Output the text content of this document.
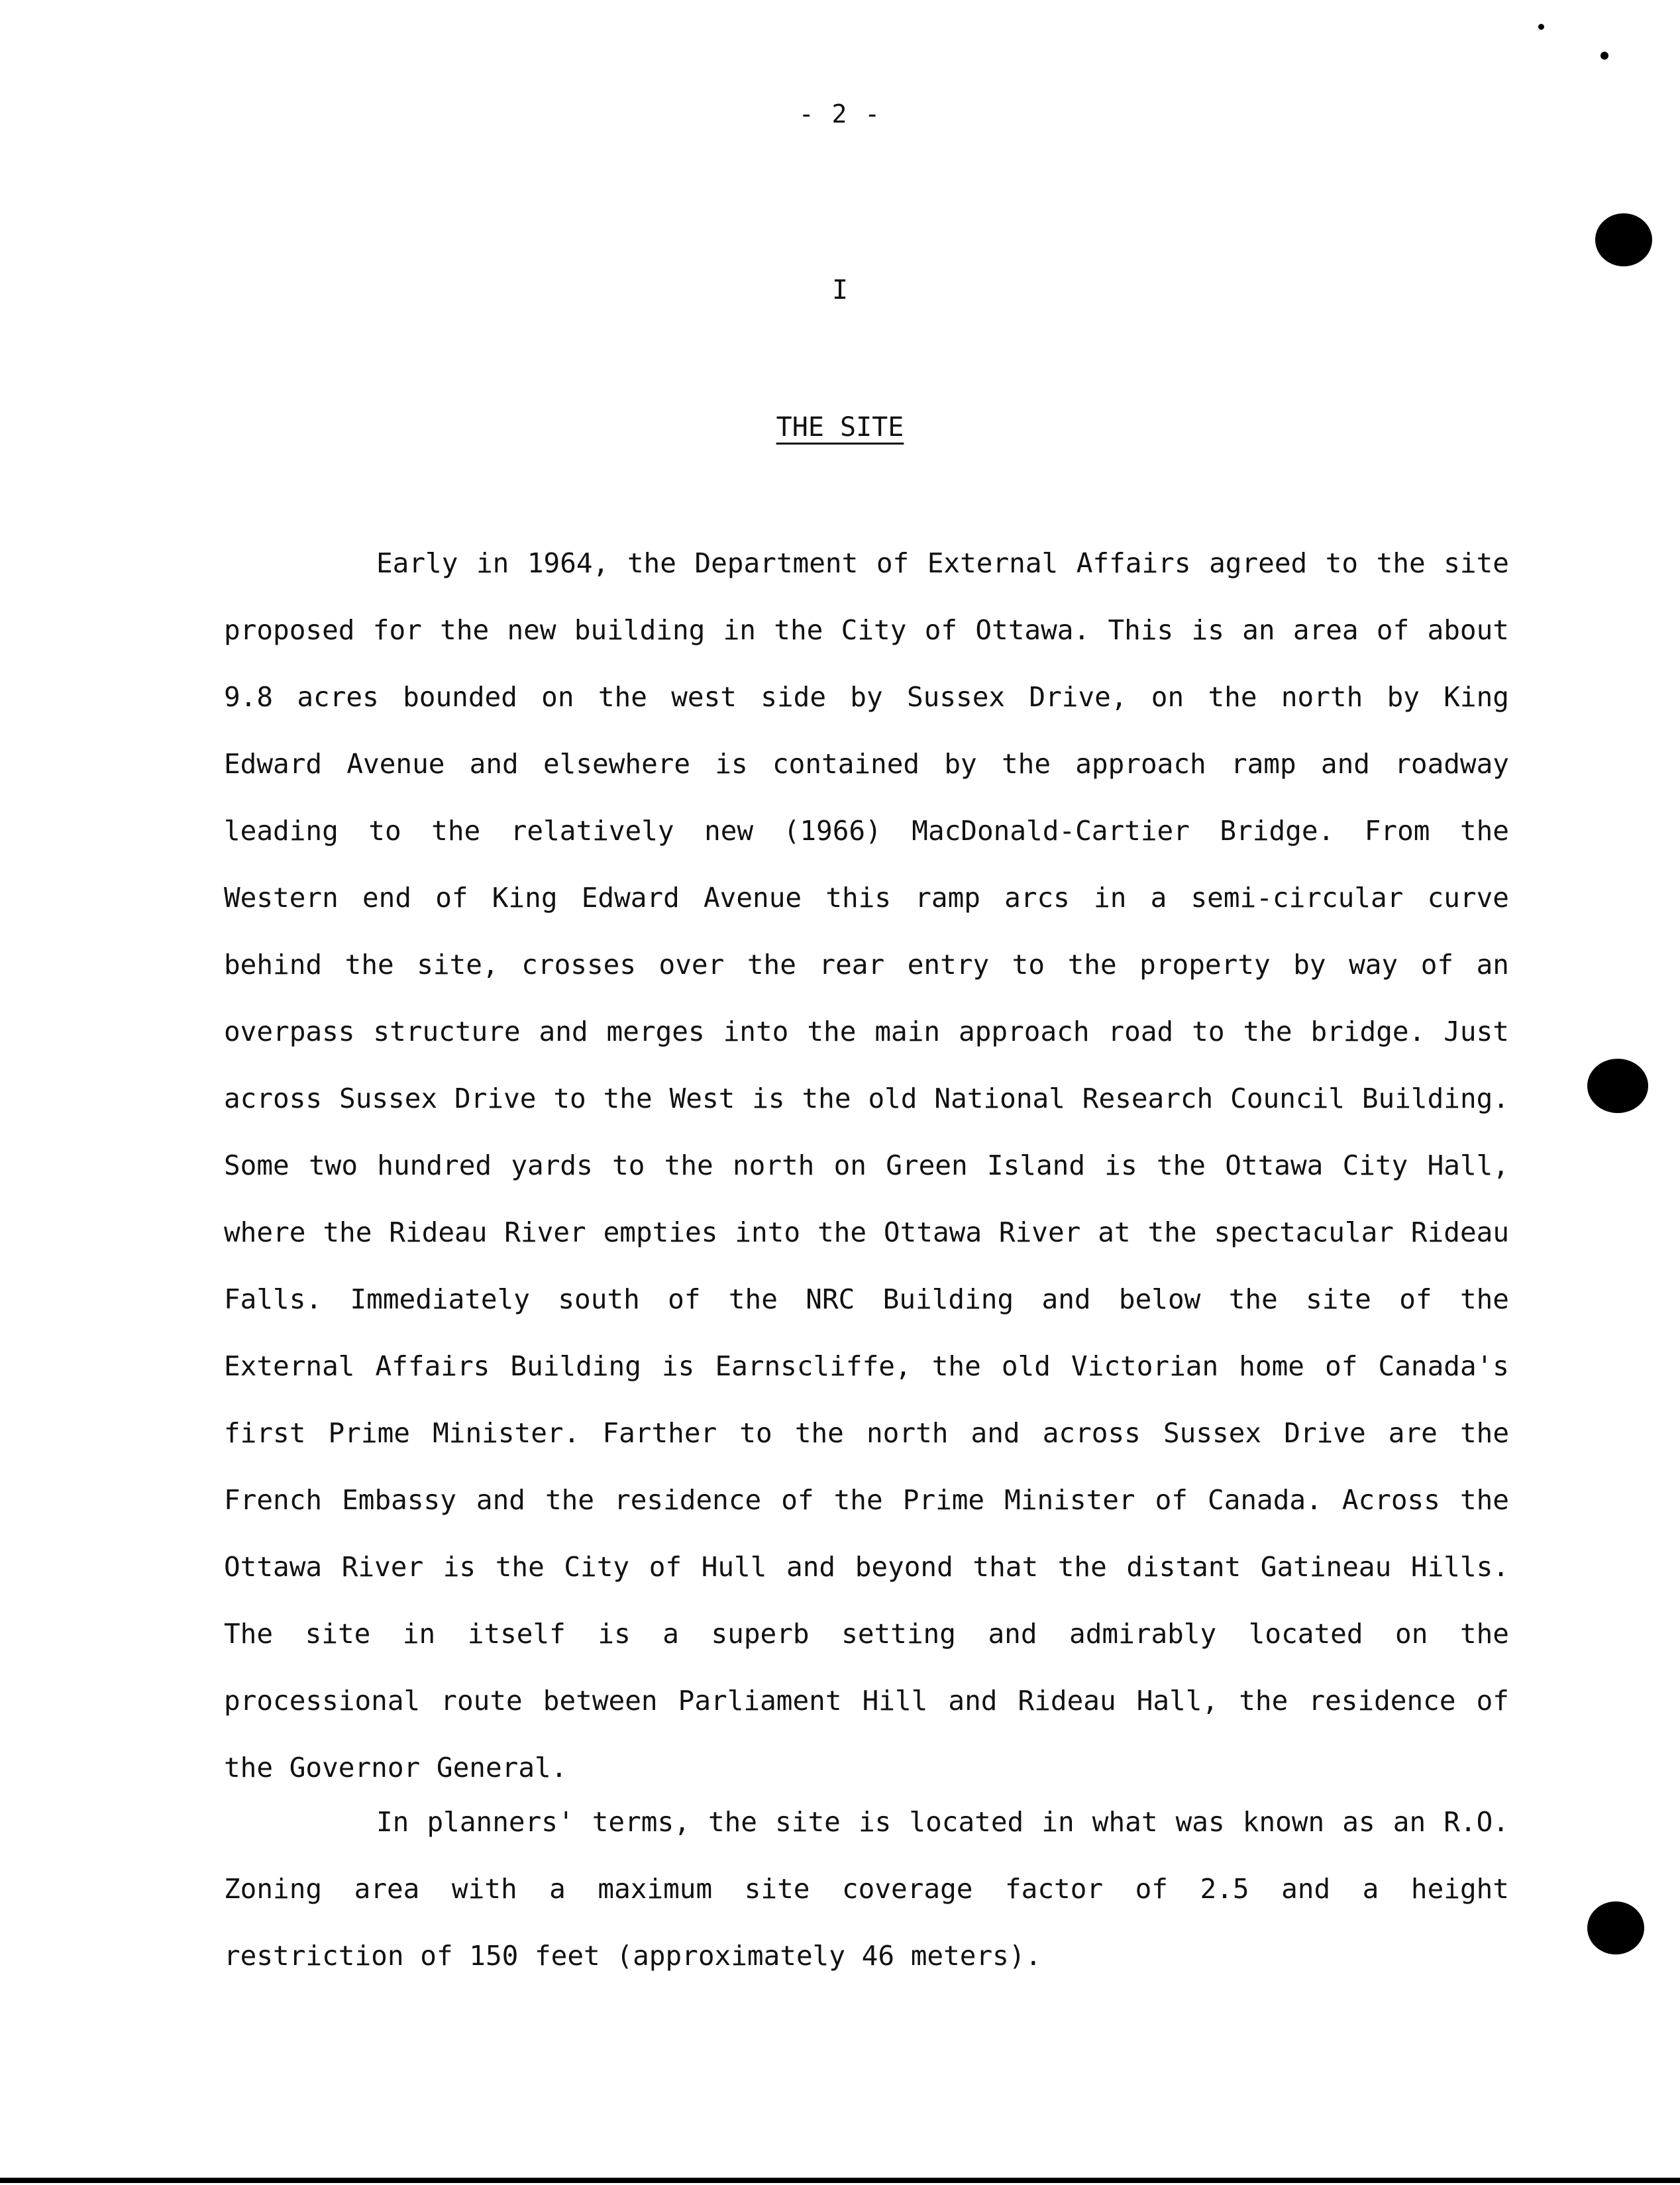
- 2 -
I
THE SITE

Early in 1964, the Department of External Affairs agreed to the site proposed for the new building in the City of Ottawa. This is an area of about 9.8 acres bounded on the west side by Sussex Drive, on the north by King Edward Avenue and elsewhere is contained by the approach ramp and roadway leading to the relatively new (1966) MacDonald-Cartier Bridge. From the Western end of King Edward Avenue this ramp arcs in a semi-circular curve behind the site, crosses over the rear entry to the property by way of an overpass structure and merges into the main approach road to the bridge. Just across Sussex Drive to the West is the old National Research Council Building. Some two hundred yards to the north on Green Island is the Ottawa City Hall, where the Rideau River empties into the Ottawa River at the spectacular Rideau Falls. Immediately south of the NRC Building and below the site of the External Affairs Building is Earnscliffe, the old Victorian home of Canada's first Prime Minister. Farther to the north and across Sussex Drive are the French Embassy and the residence of the Prime Minister of Canada. Across the Ottawa River is the City of Hull and beyond that the distant Gatineau Hills. The site in itself is a superb setting and admirably located on the processional route between Parliament Hill and Rideau Hall, the residence of the Governor General.

In planners' terms, the site is located in what was known as an R.O. Zoning area with a maximum site coverage factor of 2.5 and a height restriction of 150 feet (approximately 46 meters).
